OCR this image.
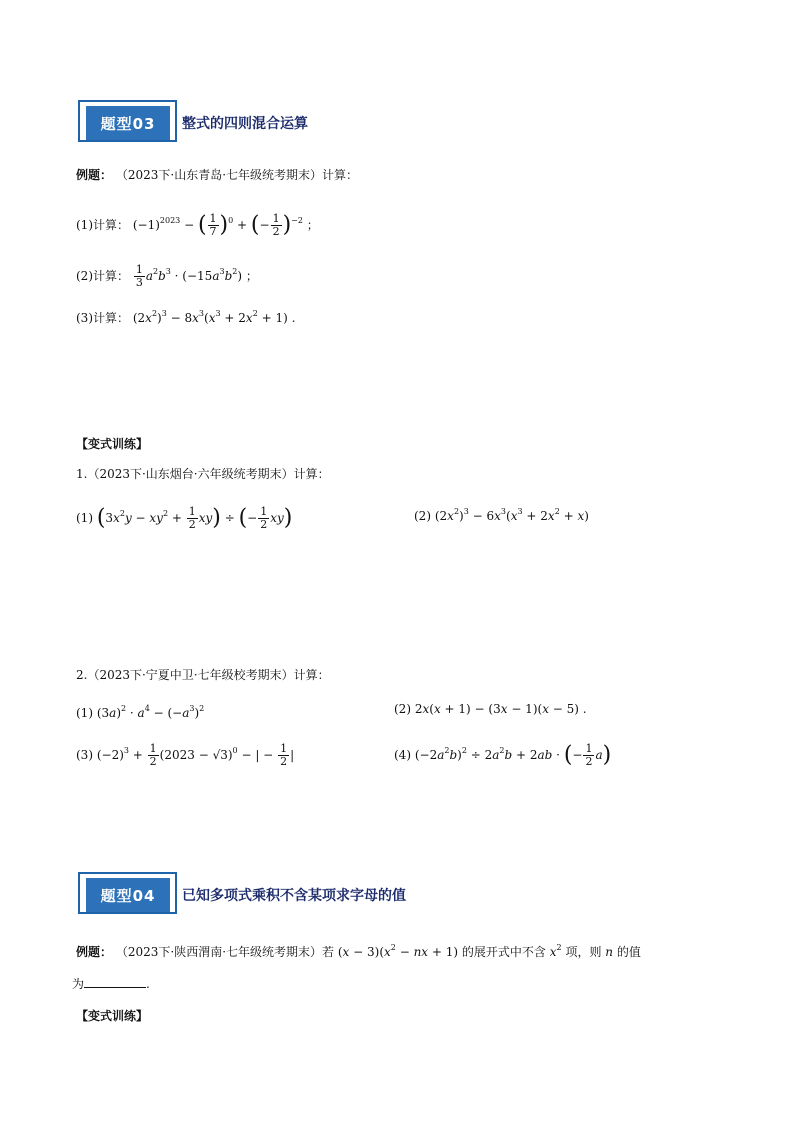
题型03	整式的四则混合运算
例题： （2023下·山东青岛·七年级统考期末）计算：
(1)计算： $(-1)^{2023}$ − ( $\frac{1}{7} )^0$ + (− $\frac{1}{2} )^{-2}$ ；
(2)计算： $\frac{1}{3} a^2b^3 \cdot (-15a^3b^2)$ ；
(3)计算： $(2x^2)^3 - 8x^3(x^3 + 2x^2 + 1)$ .
【变式训练】
1.（2023下·山东烟台·六年级统考期末）计算：
(1) $(3x^2y - xy^2 + \frac{1}{2} xy)$ ÷ (− $\frac{1}{2} xy$)	(2) $(2x^2)^3 - 6x^3(x^3 + 2x^2 + x)$
2.（2023下·宁夏中卫·七年级校考期末）计算：
(1) $(3a)^2 \cdot a^4 - (-a^3)^2$	(2) 2x(x + 1) − (3x − 1)(x − 5) .
(3) $(-2)^3 + \frac{1}{2} (2023 - √3)^0$ − | − $\frac{1}{2}$ |	(4) $(-2a^2b)^2 \div 2a^2b + 2ab$ · (− $\frac{1}{2} a$)
题型04	已知多项式乘积不含某项求字母的值
例题： （2023下·陕西渭南·七年级统考期末）若 $(x - 3)(x^2$ − nx + 1) 的展开式中不含 $x^2$ 项，则 n 的值
为	.
【变式训练】
